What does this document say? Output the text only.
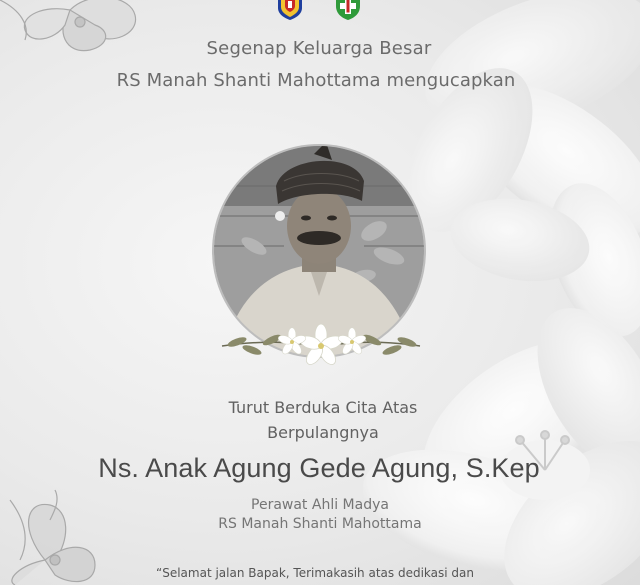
Segenap Keluarga Besar
RS Manah Shanti Mahottama mengucapkan
Turut Berduka Cita Atas
Berpulangnya
Ns. Anak Agung Gede Agung, S.Kep
Perawat Ahli Madya
RS Manah Shanti Mahottama
“Selamat jalan Bapak, Terimakasih atas dedikasi dan
